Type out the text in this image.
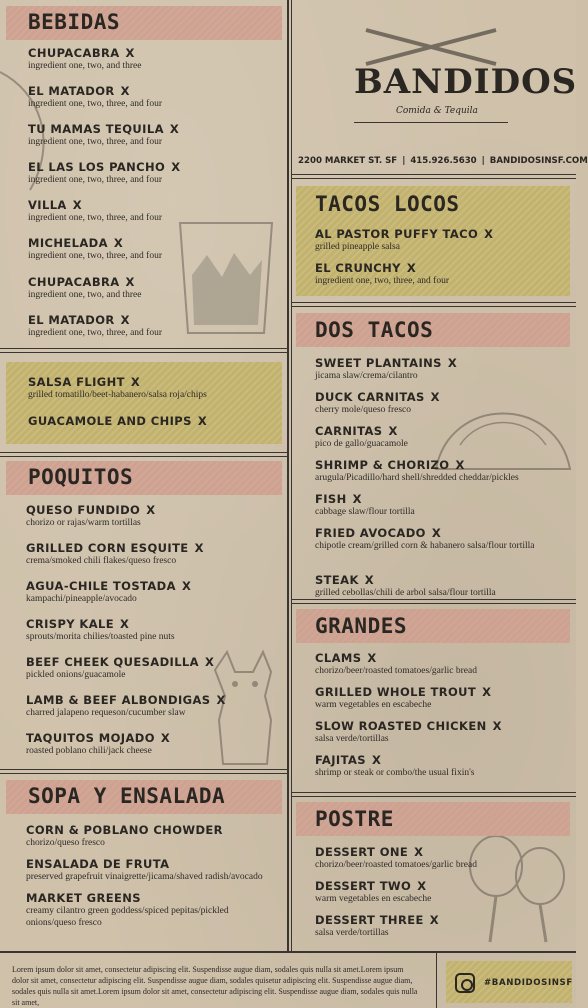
BEBIDAS
CHUPACABRA X
ingredient one, two, and three
EL MATADOR X
ingredient one, two, three, and four
TU MAMAS TEQUILA X
ingredient one, two, three, and four
EL LAS LOS PANCHO X
ingredient one, two, three, and four
VILLA X
ingredient one, two, three, and four
MICHELADA X
ingredient one, two, three, and four
CHUPACABRA X
ingredient one, two, and three
EL MATADOR X
ingredient one, two, three, and four
SALSA FLIGHT X
grilled tomatillo/beet-habanero/salsa roja/chips
GUACAMOLE AND CHIPS X
POQUITOS
QUESO FUNDIDO X
chorizo or rajas/warm tortillas
GRILLED CORN ESQUITE X
crema/smoked chili flakes/queso fresco
AGUA-CHILE TOSTADA X
kampachi/pineapple/avocado
CRISPY KALE X
sprouts/morita chilies/toasted pine nuts
BEEF CHEEK QUESADILLA X
pickled onions/guacamole
LAMB & BEEF ALBONDIGAS X
charred jalapeno requeson/cucumber slaw
TAQUITOS MOJADO X
roasted poblano chili/jack cheese
SOPA Y ENSALADA
CORN & POBLANO CHOWDER
chorizo/queso fresco
ENSALADA DE FRUTA
preserved grapefruit vinaigrette/jicama/shaved radish/avocado
MARKET GREENS
creamy cilantro green goddess/spiced pepitas/pickled onions/queso fresco
BANDIDOS
Comida & Tequila
2200 MARKET ST. SF | 415.926.5630 | BANDIDOSINSF.COM
TACOS LOCOS
AL PASTOR PUFFY TACO X
grilled pineapple salsa
EL CRUNCHY X
ingredient one, two, three, and four
DOS TACOS
SWEET PLANTAINS X
jicama slaw/crema/cilantro
DUCK CARNITAS X
cherry mole/queso fresco
CARNITAS X
pico de gallo/guacamole
SHRIMP & CHORIZO X
arugula/Picadillo/hard shell/shredded cheddar/pickles
FISH X
cabbage slaw/flour tortilla
FRIED AVOCADO X
chipotle cream/grilled corn & habanero salsa/flour tortilla
STEAK X
grilled cebollas/chili de arbol salsa/flour tortilla
GRANDES
CLAMS X
chorizo/beer/roasted tomatoes/garlic bread
GRILLED WHOLE TROUT X
warm vegetables en escabeche
SLOW ROASTED CHICKEN X
salsa verde/tortillas
FAJITAS X
shrimp or steak or combo/the usual fixin's
POSTRE
DESSERT ONE X
chorizo/beer/roasted tomatoes/garlic bread
DESSERT TWO X
warm vegetables en escabeche
DESSERT THREE X
salsa verde/tortillas
Lorem ipsum dolor sit amet, consectetur adipiscing elit. Suspendisse augue diam, sodales quis nulla sit amet.Lorem ipsum dolor sit amet, consectetur adipiscing elit. Suspendisse augue diam, sodales quisetur adipiscing elit. Suspendisse augue diam, sodales quis nulla sit amet.Lorem ipsum dolor sit amet, consectetur adipiscing elit. Suspendisse augue diam, sodales quis nulla sit amet,
#BANDIDOSINSF
